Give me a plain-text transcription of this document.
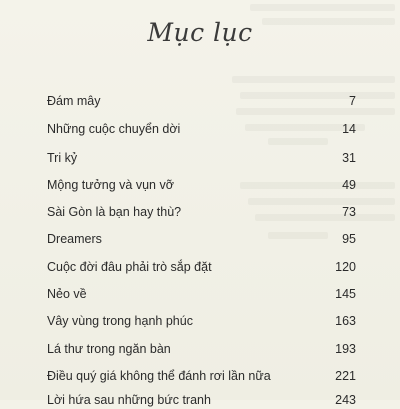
Mục lục
Đám mây	7
Những cuộc chuyển dời	14
Tri kỷ	31
Mộng tưởng và vụn vỡ	49
Sài Gòn là bạn hay thù?	73
Dreamers	95
Cuộc đời đâu phải trò sắp đặt	120
Nẻo về	145
Vây vùng trong hạnh phúc	163
Lá thư trong ngăn bàn	193
Điều quý giá không thể đánh rơi lần nữa	221
Lời hứa sau những bức tranh	243
